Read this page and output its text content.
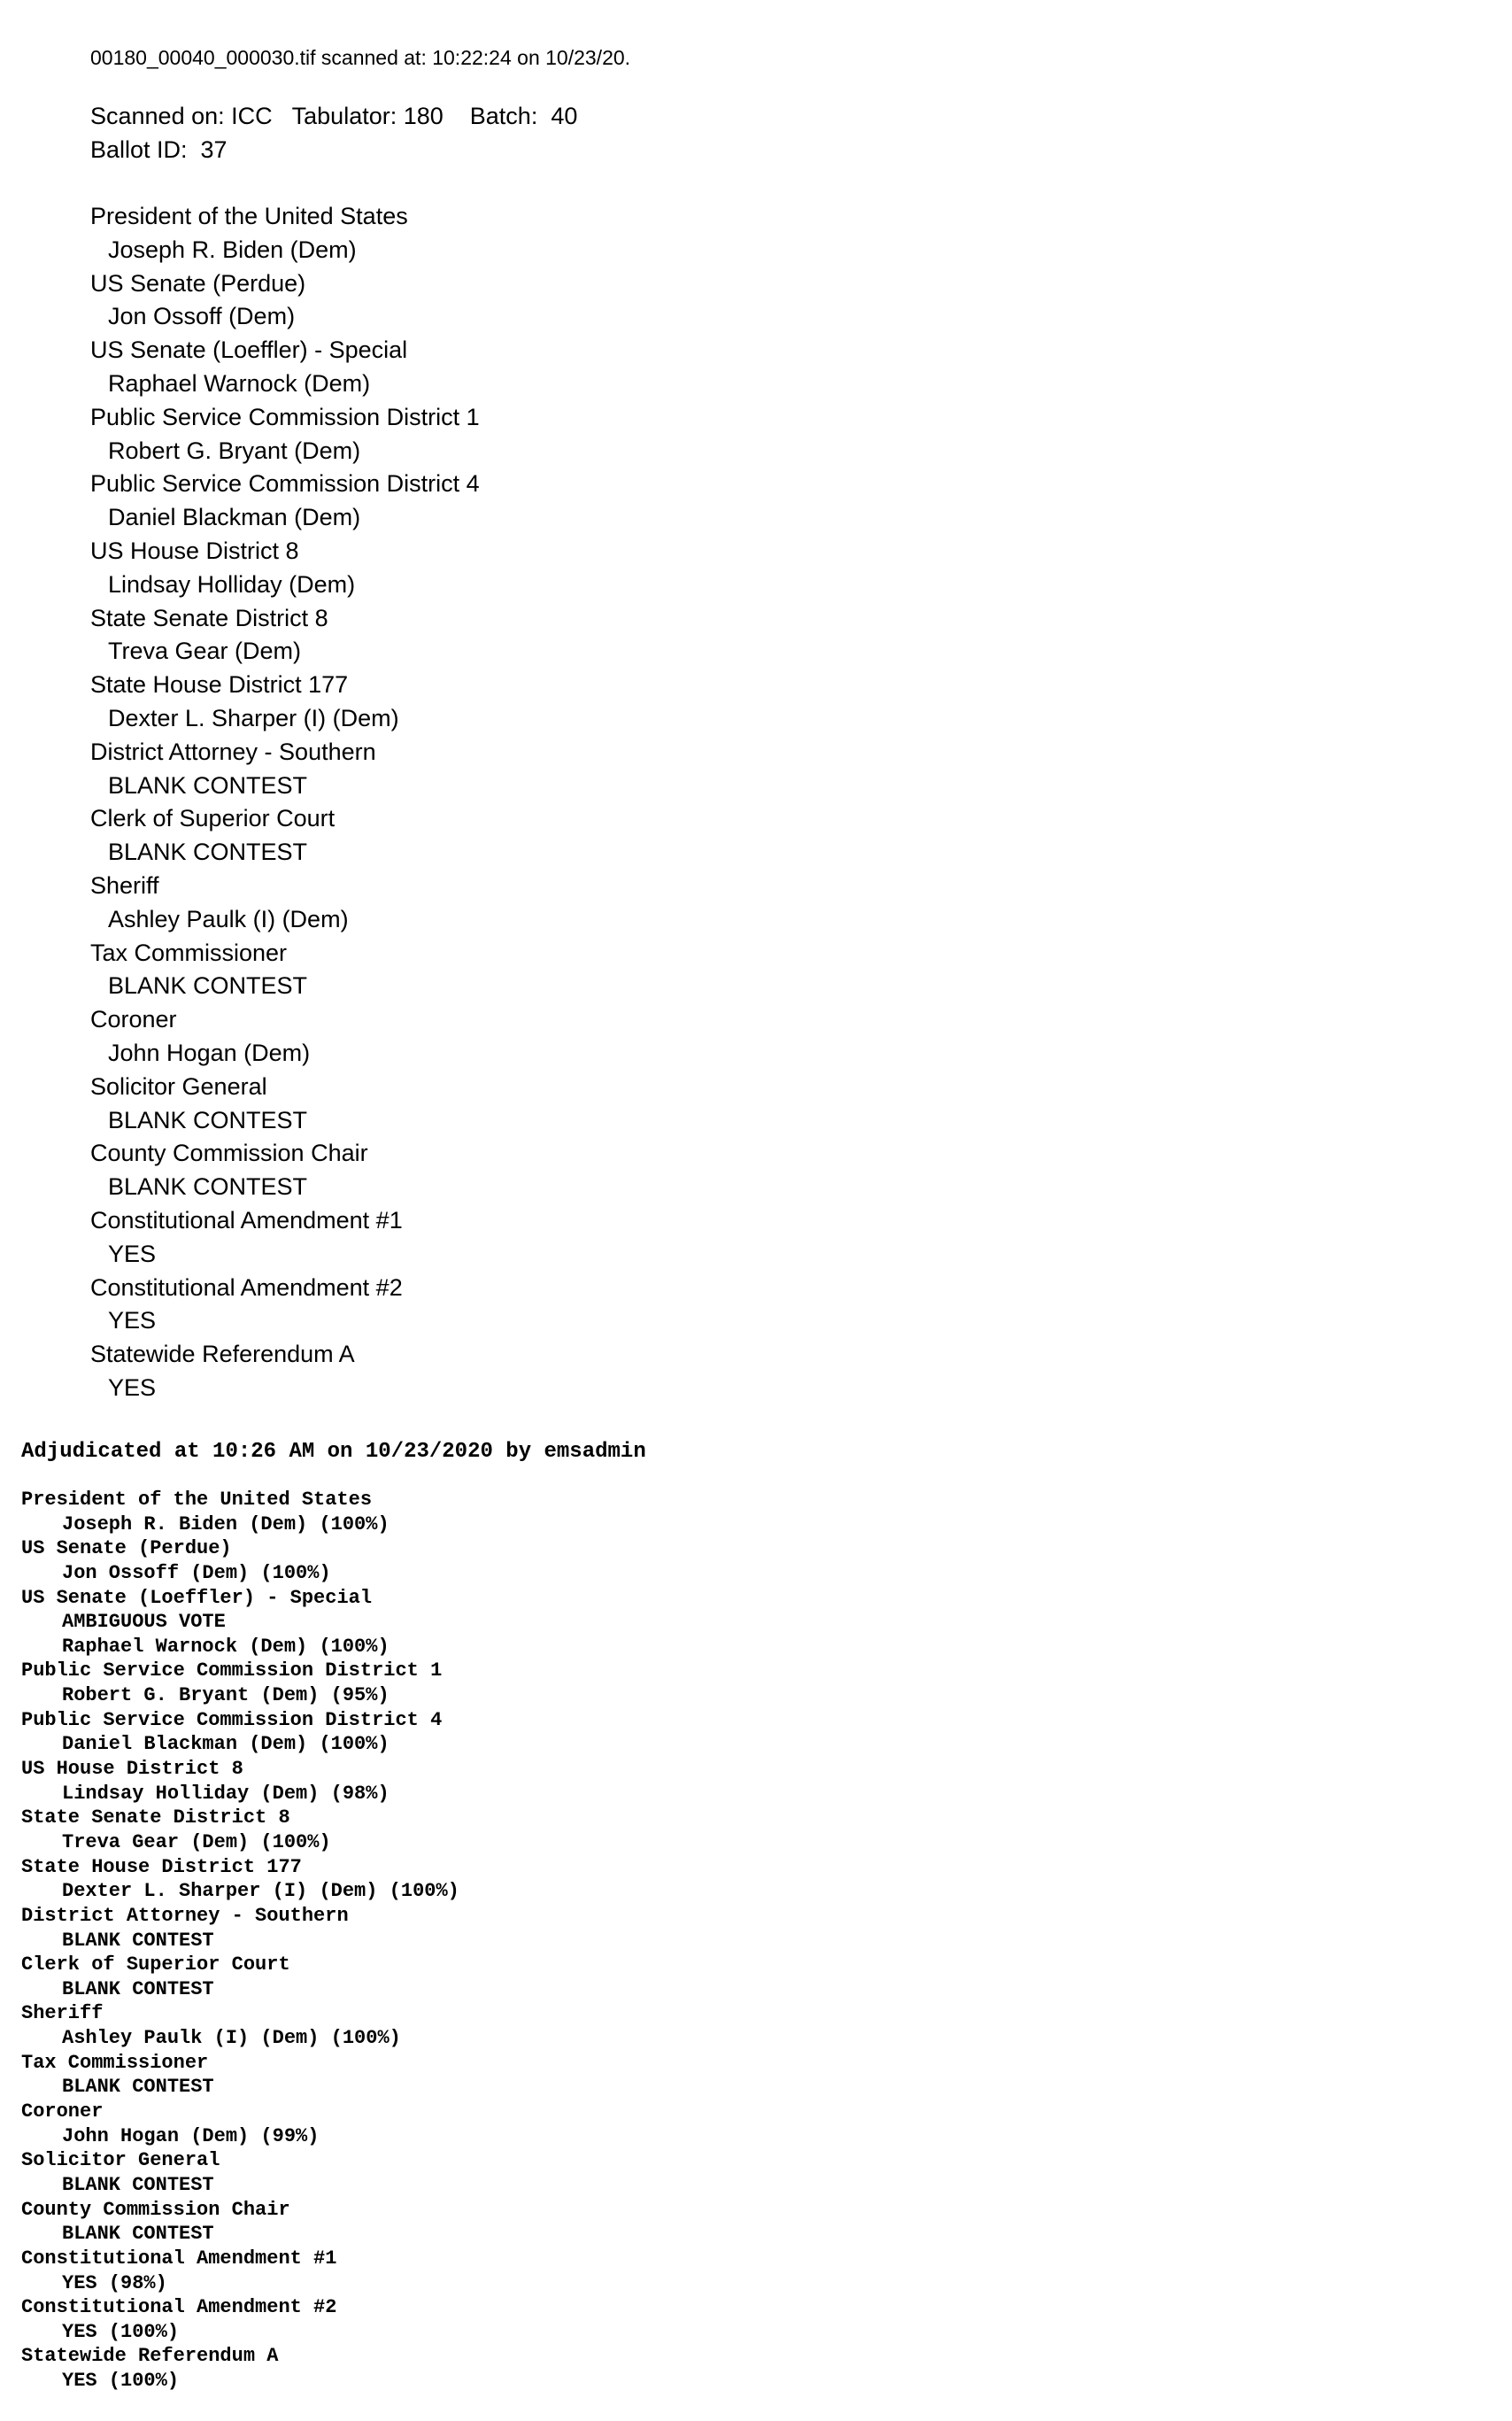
00180_00040_000030.tif scanned at: 10:22:24 on 10/23/20.
Scanned on: ICC   Tabulator: 180    Batch:  40
Ballot ID:  37
President of the United States
Joseph R. Biden (Dem)
US Senate (Perdue)
Jon Ossoff (Dem)
US Senate (Loeffler) - Special
Raphael Warnock (Dem)
Public Service Commission District 1
Robert G. Bryant (Dem)
Public Service Commission District 4
Daniel Blackman (Dem)
US House District 8
Lindsay Holliday (Dem)
State Senate District 8
Treva Gear (Dem)
State House District 177
Dexter L. Sharper (I) (Dem)
District Attorney - Southern
BLANK CONTEST
Clerk of Superior Court
BLANK CONTEST
Sheriff
Ashley Paulk (I) (Dem)
Tax Commissioner
BLANK CONTEST
Coroner
John Hogan (Dem)
Solicitor General
BLANK CONTEST
County Commission Chair
BLANK CONTEST
Constitutional Amendment #1
YES
Constitutional Amendment #2
YES
Statewide Referendum A
YES
Adjudicated at 10:26 AM on 10/23/2020 by emsadmin
President of the United States
Joseph R. Biden (Dem) (100%)
US Senate (Perdue)
Jon Ossoff (Dem) (100%)
US Senate (Loeffler) - Special
AMBIGUOUS VOTE
Raphael Warnock (Dem) (100%)
Public Service Commission District 1
Robert G. Bryant (Dem) (95%)
Public Service Commission District 4
Daniel Blackman (Dem) (100%)
US House District 8
Lindsay Holliday (Dem) (98%)
State Senate District 8
Treva Gear (Dem) (100%)
State House District 177
Dexter L. Sharper (I) (Dem) (100%)
District Attorney - Southern
BLANK CONTEST
Clerk of Superior Court
BLANK CONTEST
Sheriff
Ashley Paulk (I) (Dem) (100%)
Tax Commissioner
BLANK CONTEST
Coroner
John Hogan (Dem) (99%)
Solicitor General
BLANK CONTEST
County Commission Chair
BLANK CONTEST
Constitutional Amendment #1
YES (98%)
Constitutional Amendment #2
YES (100%)
Statewide Referendum A
YES (100%)
